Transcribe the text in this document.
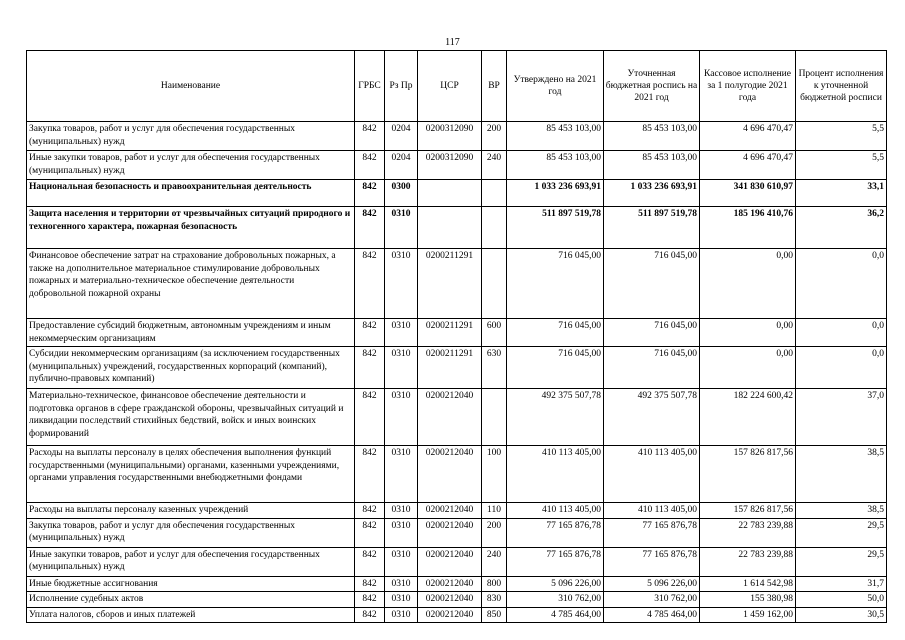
117
Наименование	ГРБС	Рз Пр	ЦСР	ВР	Утверждено на 2021 год	Уточненная бюджетная роспись на 2021 год	Кассовое исполнение за 1 полугодие 2021 года	Процент исполнения к уточненной бюджетной росписи
Закупка товаров, работ и услуг для обеспечения государственных (муниципальных) нужд	842	0204	0200312090	200	85 453 103,00	85 453 103,00	4 696 470,47	5,5
Иные закупки товаров, работ и услуг для обеспечения государственных (муниципальных) нужд	842	0204	0200312090	240	85 453 103,00	85 453 103,00	4 696 470,47	5,5
Национальная безопасность и правоохранительная деятельность	842	0300			1 033 236 693,91	1 033 236 693,91	341 830 610,97	33,1
Защита населения и территории от чрезвычайных ситуаций природного и техногенного характера, пожарная безопасность	842	0310			511 897 519,78	511 897 519,78	185 196 410,76	36,2
Финансовое обеспечение затрат на страхование добровольных пожарных, а также на дополнительное материальное стимулирование добровольных пожарных и материально-техническое обеспечение деятельности добровольной пожарной охраны	842	0310	0200211291		716 045,00	716 045,00	0,00	0,0
Предоставление субсидий бюджетным, автономным учреждениям и иным некоммерческим организациям	842	0310	0200211291	600	716 045,00	716 045,00	0,00	0,0
Субсидии некоммерческим организациям (за исключением государственных (муниципальных) учреждений, государственных корпораций (компаний), публично-правовых компаний)	842	0310	0200211291	630	716 045,00	716 045,00	0,00	0,0
Материально-техническое, финансовое обеспечение деятельности и подготовка органов в сфере гражданской обороны, чрезвычайных ситуаций и ликвидации последствий стихийных бедствий, войск и иных воинских формирований	842	0310	0200212040		492 375 507,78	492 375 507,78	182 224 600,42	37,0
Расходы на выплаты персоналу в целях обеспечения выполнения функций государственными (муниципальными) органами, казенными учреждениями, органами управления государственными внебюджетными фондами	842	0310	0200212040	100	410 113 405,00	410 113 405,00	157 826 817,56	38,5
Расходы на выплаты персоналу казенных учреждений	842	0310	0200212040	110	410 113 405,00	410 113 405,00	157 826 817,56	38,5
Закупка товаров, работ и услуг для обеспечения государственных (муниципальных) нужд	842	0310	0200212040	200	77 165 876,78	77 165 876,78	22 783 239,88	29,5
Иные закупки товаров, работ и услуг для обеспечения государственных (муниципальных) нужд	842	0310	0200212040	240	77 165 876,78	77 165 876,78	22 783 239,88	29,5
Иные бюджетные ассигнования	842	0310	0200212040	800	5 096 226,00	5 096 226,00	1 614 542,98	31,7
Исполнение судебных актов	842	0310	0200212040	830	310 762,00	310 762,00	155 380,98	50,0
Уплата налогов, сборов и иных платежей	842	0310	0200212040	850	4 785 464,00	4 785 464,00	1 459 162,00	30,5
